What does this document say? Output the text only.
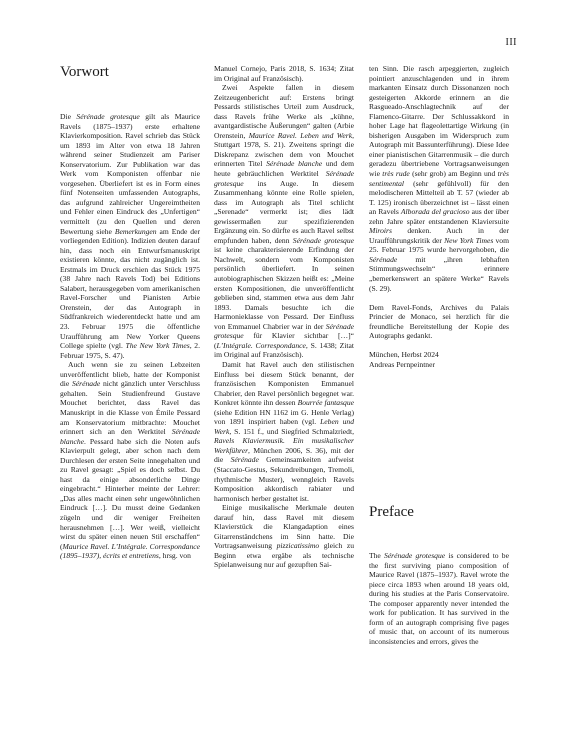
III
Vorwort

Die Sérénade grotesque gilt als Maurice Ravels (1875–1937) erste erhaltene Klavierkomposition. Ravel schrieb das Stück um 1893 im Alter von etwa 18 Jahren während seiner Studienzeit am Pariser Konservatorium. Zur Publikation war das Werk vom Komponisten offenbar nie vorgesehen. Überliefert ist es in Form eines fünf Notenseiten umfassenden Autographs, das aufgrund zahlreicher Ungereimtheiten und Fehler einen Eindruck des „Unfertigen“ vermittelt (zu den Quellen und deren Bewertung siehe Bemerkungen am Ende der vorliegenden Edition). Indizien deuten darauf hin, dass noch ein Entwurfsmanuskript existieren könnte, das nicht zugänglich ist. Erstmals im Druck erschien das Stück 1975 (38 Jahre nach Ravels Tod) bei Editions Salabert, herausgegeben vom amerikanischen Ravel-Forscher und Pianisten Arbie Orenstein, der das Autograph in Südfrankreich wiederentdeckt hatte und am 23. Februar 1975 die öffentliche Uraufführung am New Yorker Queens College spielte (vgl. The New York Times, 2. Februar 1975, S. 47).

Auch wenn sie zu seinen Lebzeiten unveröffentlicht blieb, hatte der Komponist die Sérénade nicht gänzlich unter Verschluss gehalten. Sein Studienfreund Gustave Mouchet berichtet, dass Ravel das Manuskript in die Klasse von Émile Pessard am Konservatorium mitbrachte: Mouchet erinnert sich an den Werktitel Sérénade blanche. Pessard habe sich die Noten aufs Klavierpult gelegt, aber schon nach dem Durchlesen der ersten Seite innegehalten und zu Ravel gesagt: „Spiel es doch selbst. Du hast da einige absonderliche Dinge eingebracht.“ Hinterher meinte der Lehrer: „Das alles macht einen sehr ungewöhnlichen Eindruck […]. Du musst deine Gedanken zügeln und dir weniger Freiheiten herausnehmen […]. Wer weiß, vielleicht wirst du später einen neuen Stil erschaffen“ (Maurice Ravel. L’Intégrale. Correspondance (1895–1937), écrits et entretiens, hrsg. von

Manuel Cornejo, Paris 2018, S. 1634; Zitat im Original auf Französisch).

Zwei Aspekte fallen in diesem Zeitzeugenbericht auf: Erstens bringt Pessards stilistisches Urteil zum Ausdruck, dass Ravels frühe Werke als „kühne, avantgardistische Äußerungen“ galten (Arbie Orenstein, Maurice Ravel. Leben und Werk, Stuttgart 1978, S. 21). Zweitens springt die Diskrepanz zwischen dem von Mouchet erinnerten Titel Sérénade blanche und dem heute gebräuchlichen Werktitel Sérénade grotesque ins Auge. In diesem Zusammenhang könnte eine Rolle spielen, dass im Autograph als Titel schlicht „Serenade“ vermerkt ist; dies lädt gewissermaßen zur spezifizierenden Ergänzung ein. So dürfte es auch Ravel selbst empfunden haben, denn Sérénade grotesque ist keine charakterisierende Erfindung der Nachwelt, sondern vom Komponisten persönlich überliefert. In seinen autobiographischen Skizzen heißt es: „Meine ersten Kompositionen, die unveröffentlicht geblieben sind, stammen etwa aus dem Jahr 1893. Damals besuchte ich die Harmonieklasse von Pessard. Der Einfluss von Emmanuel Chabrier war in der Sérénade grotesque für Klavier sichtbar […]“ (L’Intégrale. Correspondance, S. 1438; Zitat im Original auf Französisch).

Damit hat Ravel auch den stilistischen Einfluss bei diesem Stück benannt, der französischen Komponisten Emmanuel Chabrier, den Ravel persönlich begegnet war. Konkret könnte ihn dessen Bourrée fantasque (siehe Edition HN 1162 im G. Henle Verlag) von 1891 inspiriert haben (vgl. Leben und Werk, S. 151 f., und Siegfried Schmalzriedt, Ravels Klaviermusik. Ein musikalischer Werkführer, München 2006, S. 36), mit der die Sérénade Gemeinsamkeiten aufweist (Staccato-Gestus, Sekundreibungen, Tremoli, rhythmische Muster), wenngleich Ravels Komposition akkordisch rabiater und harmonisch herber gestaltet ist.

Einige musikalische Merkmale deuten darauf hin, dass Ravel mit diesem Klavierstück die Klangadaption eines Gitarrenständchens im Sinn hatte. Die Vortragsanweisung pizzicatissimo gleich zu Beginn etwa ergäbe als technische Spielanweisung nur auf gezupften Sai-

ten Sinn. Die rasch arpeggierten, zugleich pointiert anzuschlagenden und in ihrem markanten Einsatz durch Dissonanzen noch gesteigerten Akkorde erinnern an die Rasgueado-Anschlagtechnik auf der Flamenco-Gitarre. Der Schlussakkord in hoher Lage hat flageolettartige Wirkung (in bisherigen Ausgaben im Widerspruch zum Autograph mit Bassunterführung). Diese Idee einer pianistischen Gitarrenmusik – die durch geradezu übertriebene Vortragsanweisungen wie très rude (sehr grob) am Beginn und très sentimental (sehr gefühlvoll) für den melodischeren Mittelteil ab T. 57 (wieder ab T. 125) ironisch überzeichnet ist – lässt einen an Ravels Alborada del gracioso aus der über zehn Jahre später entstandenen Klaviersuite Miroirs denken. Auch in der Uraufführungskritik der New York Times vom 25. Februar 1975 wurde hervorgehoben, die Sérénade mit „ihren lebhaften Stimmungswechseln“ erinnere „bemerkenswert an spätere Werke“ Ravels (S. 29).

Dem Ravel-Fonds, Archives du Palais Princier de Monaco, sei herzlich für die freundliche Bereitstellung der Kopie des Autographs gedankt.

München, Herbst 2024

Andreas Pernpeintner

Preface

The Sérénade grotesque is considered to be the first surviving piano composition of Maurice Ravel (1875–1937). Ravel wrote the piece circa 1893 when around 18 years old, during his studies at the Paris Conservatoire. The composer apparently never intended the work for publication. It has survived in the form of an autograph comprising five pages of music that, on account of its numerous inconsistencies and errors, gives the
